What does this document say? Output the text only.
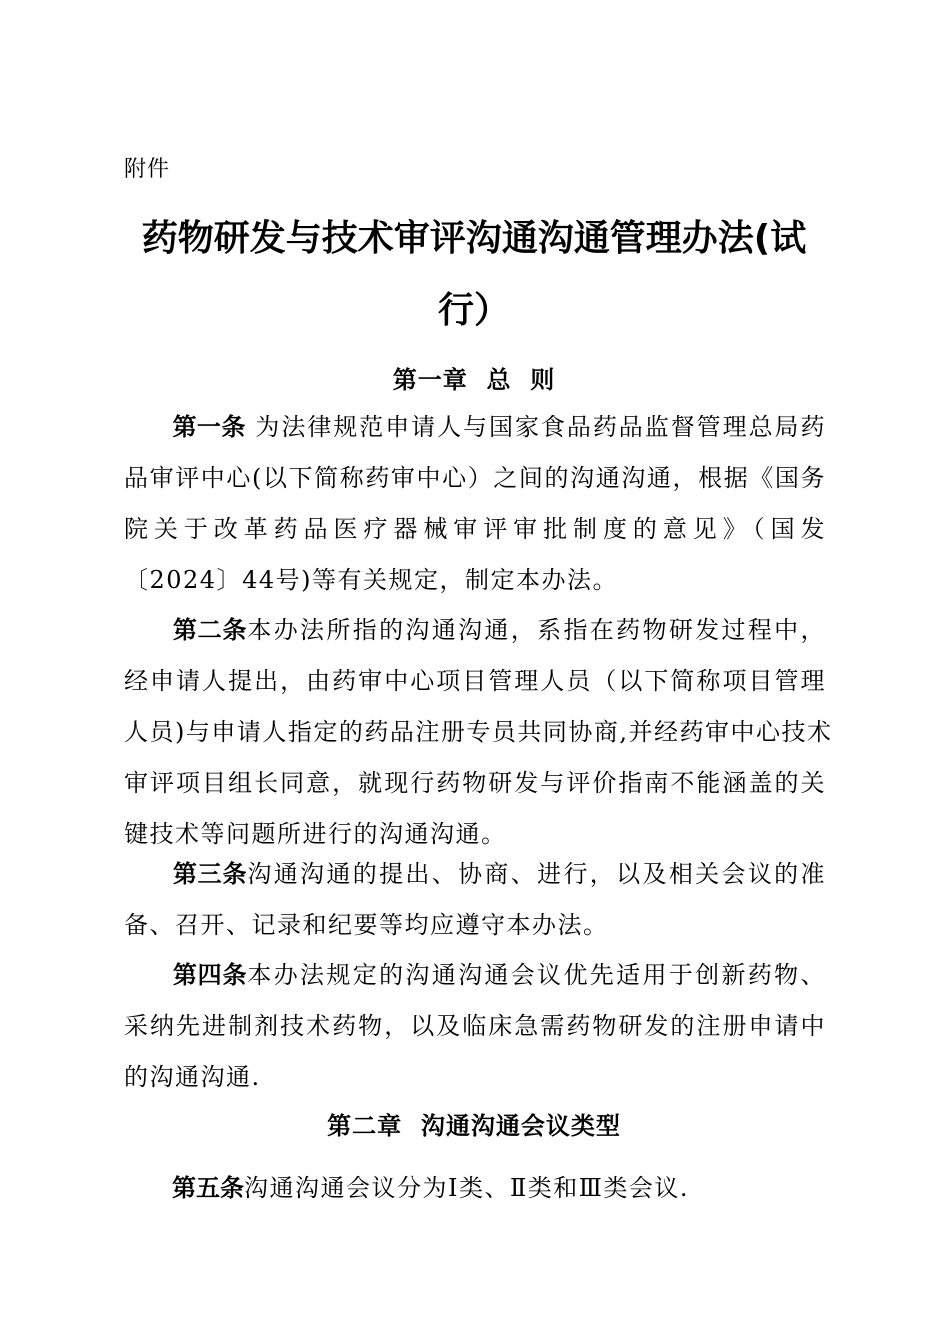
附件
药物研发与技术审评沟通沟通管理办法(试
行）
第一章  总  则
第一条 为法律规范申请人与国家食品药品监督管理总局药
品审评中心(以下简称药审中心）之间的沟通沟通，根据《国务
院关于改革药品医疗器械审评审批制度的意见》（国发
〔2024〕44号)等有关规定，制定本办法。
第二条本办法所指的沟通沟通，系指在药物研发过程中，
经申请人提出，由药审中心项目管理人员（以下简称项目管理
人员)与申请人指定的药品注册专员共同协商,并经药审中心技术
审评项目组长同意，就现行药物研发与评价指南不能涵盖的关
键技术等问题所进行的沟通沟通。
第三条沟通沟通的提出、协商、进行，以及相关会议的准
备、召开、记录和纪要等均应遵守本办法。
第四条本办法规定的沟通沟通会议优先适用于创新药物、
采纳先进制剂技术药物，以及临床急需药物研发的注册申请中
的沟通沟通.
第二章  沟通沟通会议类型
第五条沟通沟通会议分为Ⅰ类、Ⅱ类和Ⅲ类会议.
